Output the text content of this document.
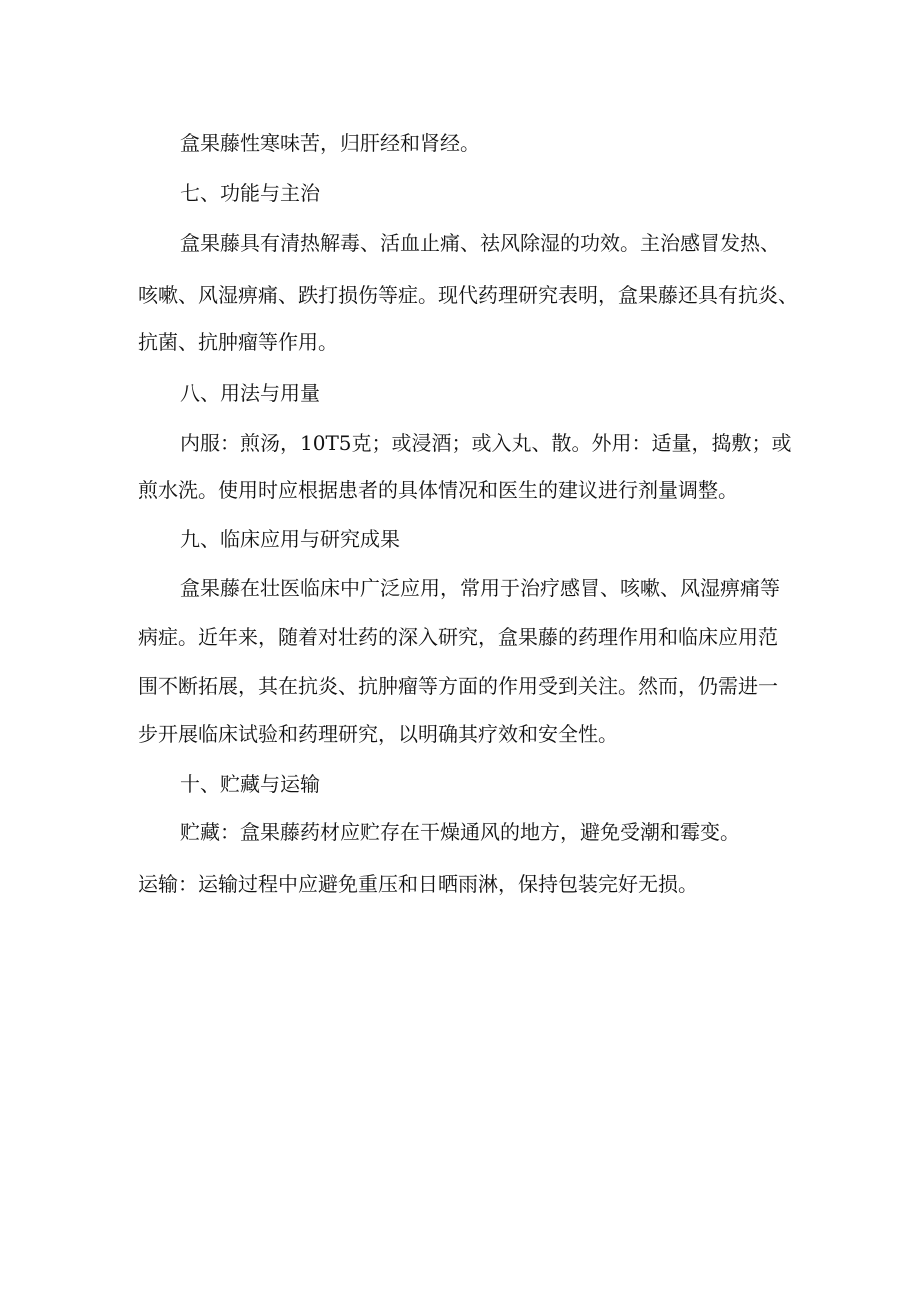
盒果藤性寒味苦，归肝经和肾经。
七、功能与主治
盒果藤具有清热解毒、活血止痛、祛风除湿的功效。主治感冒发热、
咳嗽、风湿痹痛、跌打损伤等症。现代药理研究表明，盒果藤还具有抗炎、
抗菌、抗肿瘤等作用。
八、用法与用量
内服：煎汤，10T5克；或浸酒；或入丸、散。外用：适量，捣敷；或
煎水洗。使用时应根据患者的具体情况和医生的建议进行剂量调整。
九、临床应用与研究成果
盒果藤在壮医临床中广泛应用，常用于治疗感冒、咳嗽、风湿痹痛等
病症。近年来，随着对壮药的深入研究，盒果藤的药理作用和临床应用范
围不断拓展，其在抗炎、抗肿瘤等方面的作用受到关注。然而，仍需进一
步开展临床试验和药理研究，以明确其疗效和安全性。
十、贮藏与运输
贮藏：盒果藤药材应贮存在干燥通风的地方，避免受潮和霉变。
运输：运输过程中应避免重压和日晒雨淋，保持包装完好无损。
